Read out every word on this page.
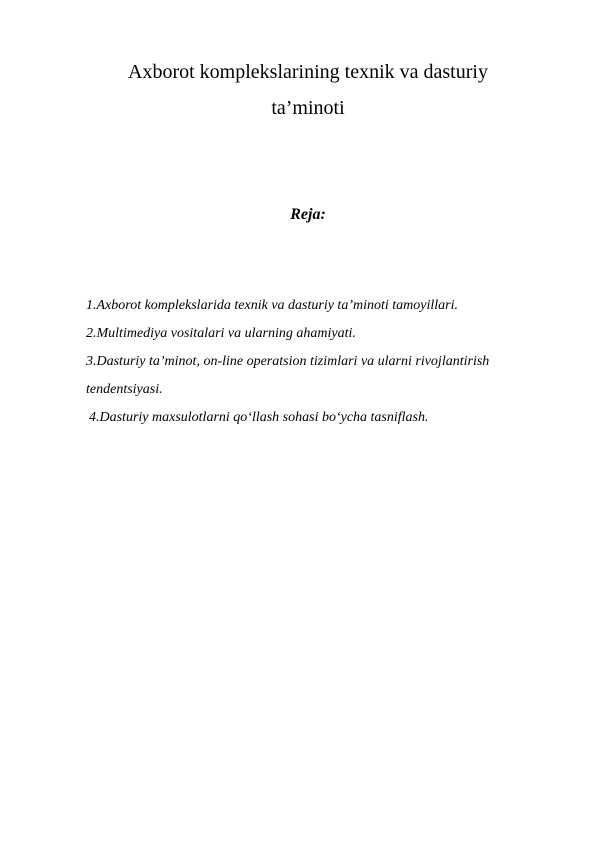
Axborot komplekslarining texnik va dasturiy
ta’minoti
Reja:
1.Axborot komplekslarida texnik va dasturiy ta’minoti tamoyillari.
2.Multimediya vositalari va ularning ahamiyati.
3.Dasturiy ta’minot, on-line operatsion tizimlari va ularni rivojlantirish
tendentsiyasi.
4.Dasturiy maxsulotlarni qo‘llash sohasi bo‘ycha tasniflash.
